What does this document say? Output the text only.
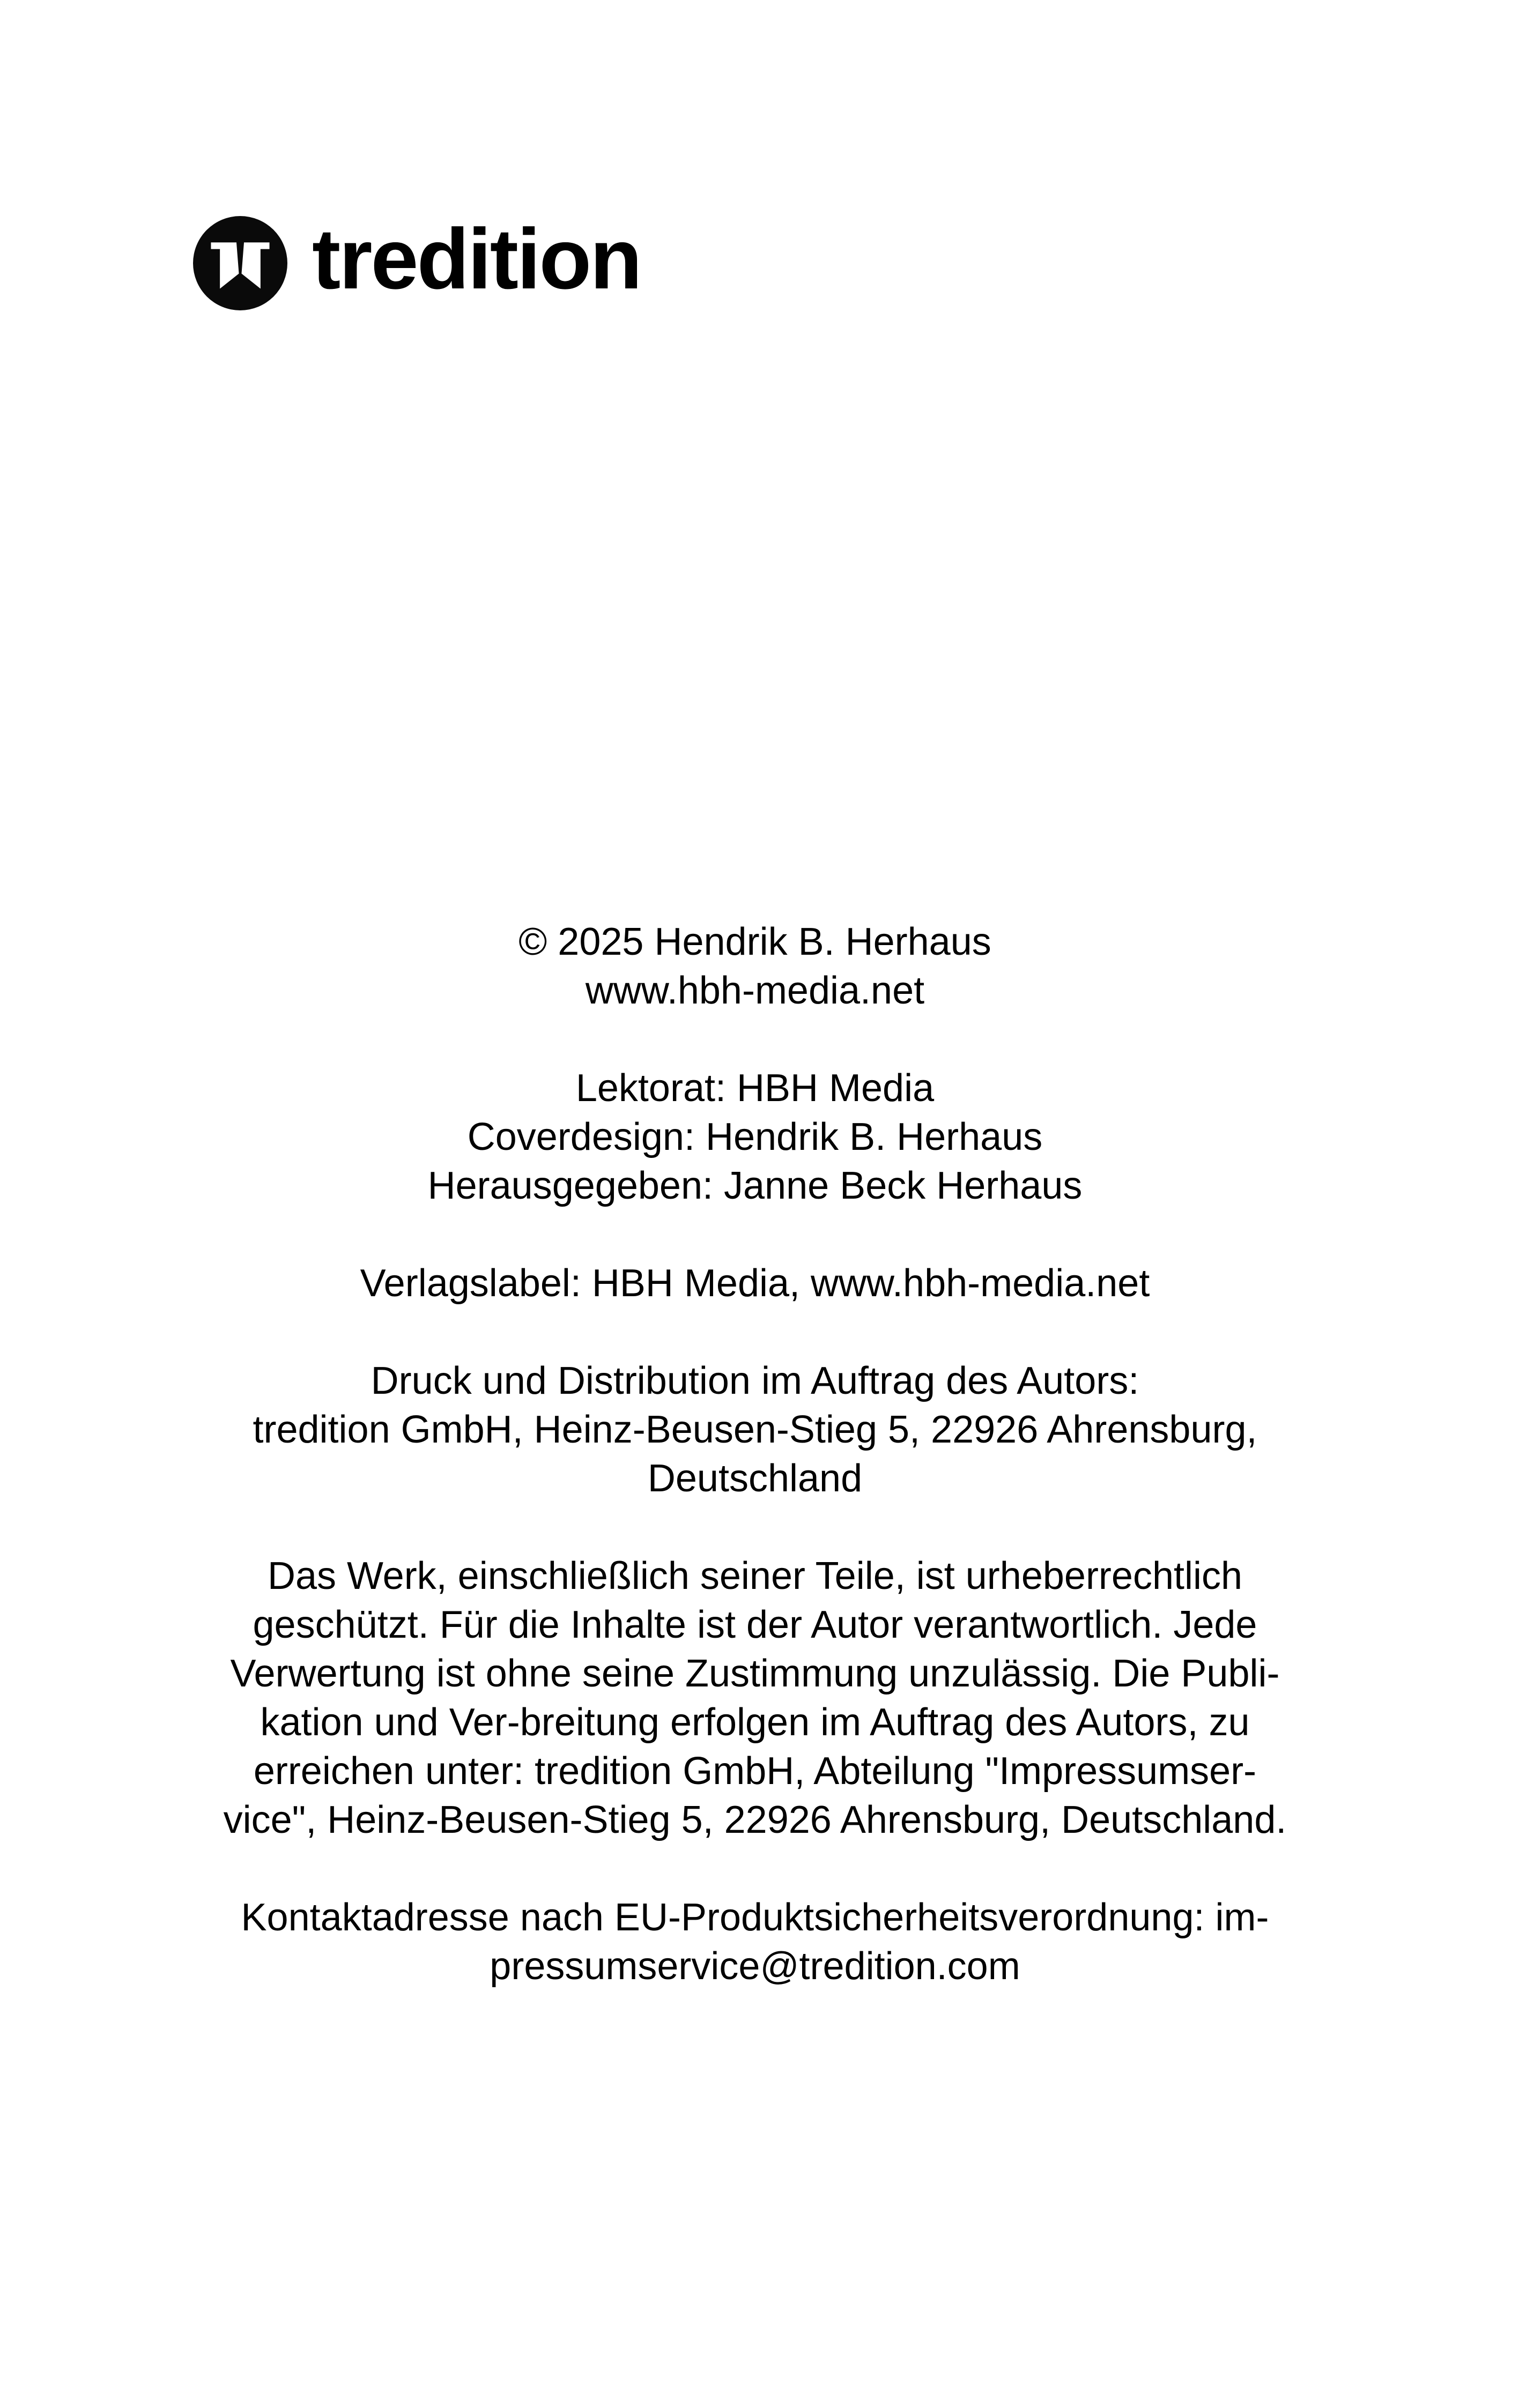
tredition

© 2025 Hendrik B. Herhaus
www.hbh-media.net

Lektorat: HBH Media
Coverdesign: Hendrik B. Herhaus
Herausgegeben: Janne Beck Herhaus

Verlagslabel: HBH Media, www.hbh-media.net

Druck und Distribution im Auftrag des Autors:
tredition GmbH, Heinz-Beusen-Stieg 5, 22926 Ahrensburg,
Deutschland

Das Werk, einschließlich seiner Teile, ist urheberrechtlich
geschützt. Für die Inhalte ist der Autor verantwortlich. Jede
Verwertung ist ohne seine Zustimmung unzulässig. Die Publi-
kation und Ver-breitung erfolgen im Auftrag des Autors, zu
erreichen unter: tredition GmbH, Abteilung "Impressumser-
vice", Heinz-Beusen-Stieg 5, 22926 Ahrensburg, Deutschland.

Kontaktadresse nach EU-Produktsicherheitsverordnung: im-
pressumservice@tredition.com
